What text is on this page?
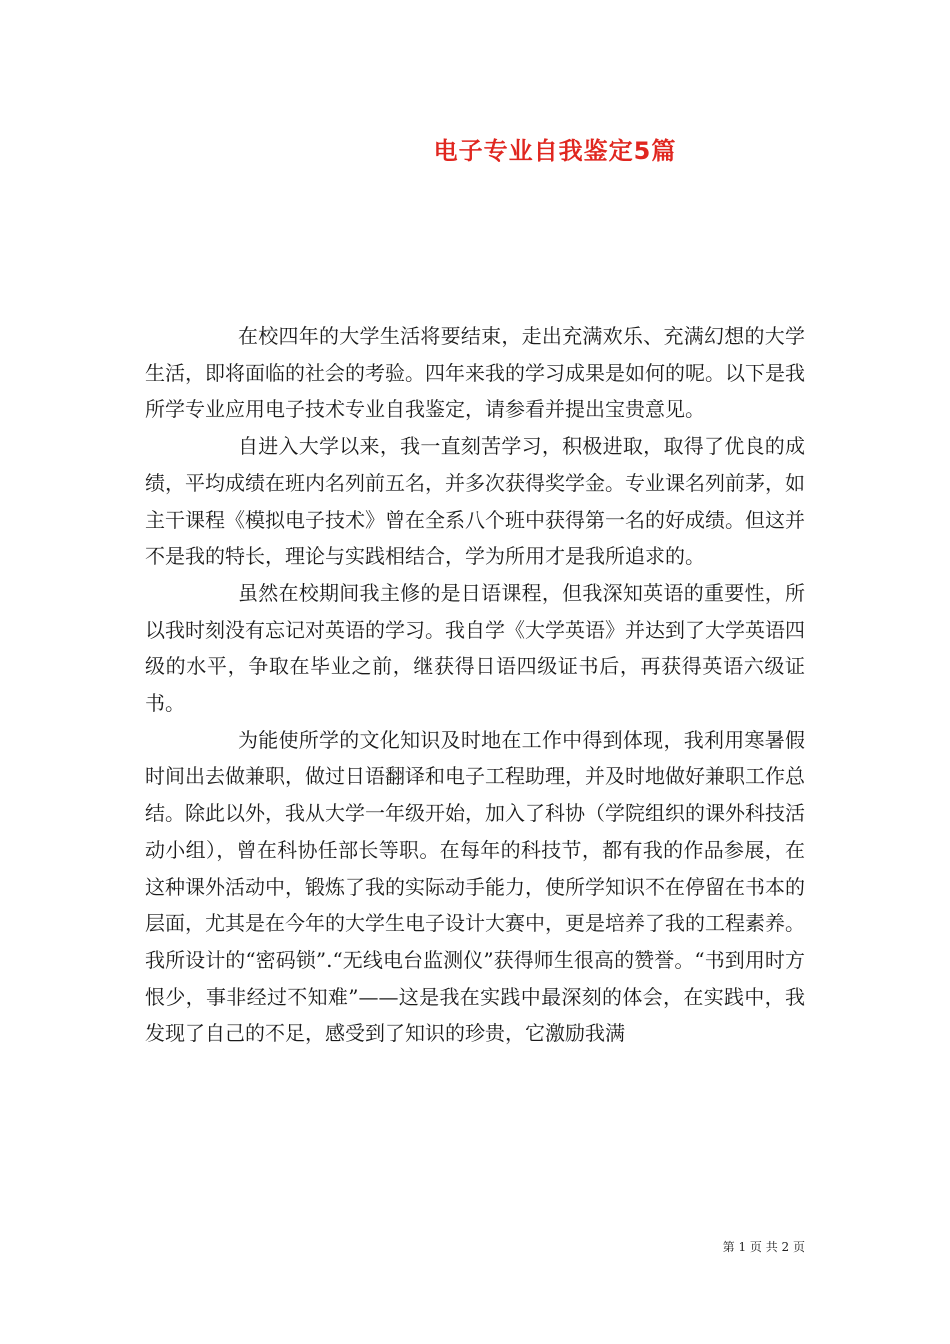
电子专业自我鉴定5篇

在校四年的大学生活将要结束，走出充满欢乐、充满幻想的大学生活，即将面临的社会的考验。四年来我的学习成果是如何的呢。以下是我所学专业应用电子技术专业自我鉴定，请参看并提出宝贵意见。

自进入大学以来，我一直刻苦学习，积极进取，取得了优良的成绩，平均成绩在班内名列前五名，并多次获得奖学金。专业课名列前茅，如主干课程《模拟电子技术》曾在全系八个班中获得第一名的好成绩。但这并不是我的特长，理论与实践相结合，学为所用才是我所追求的。

虽然在校期间我主修的是日语课程，但我深知英语的重要性，所以我时刻没有忘记对英语的学习。我自学《大学英语》并达到了大学英语四级的水平，争取在毕业之前，继获得日语四级证书后，再获得英语六级证书。

为能使所学的文化知识及时地在工作中得到体现，我利用寒暑假时间出去做兼职，做过日语翻译和电子工程助理，并及时地做好兼职工作总结。除此以外，我从大学一年级开始，加入了科协（学院组织的课外科技活动小组），曾在科协任部长等职。在每年的科技节，都有我的作品参展，在这种课外活动中，锻炼了我的实际动手能力，使所学知识不在停留在书本的层面，尤其是在今年的大学生电子设计大赛中，更是培养了我的工程素养。我所设计的“密码锁”.“无线电台监测仪”获得师生很高的赞誉。“书到用时方恨少，事非经过不知难”——这是我在实践中最深刻的体会，在实践中，我发现了自己的不足，感受到了知识的珍贵，它激励我满

第 1 页 共 2 页
